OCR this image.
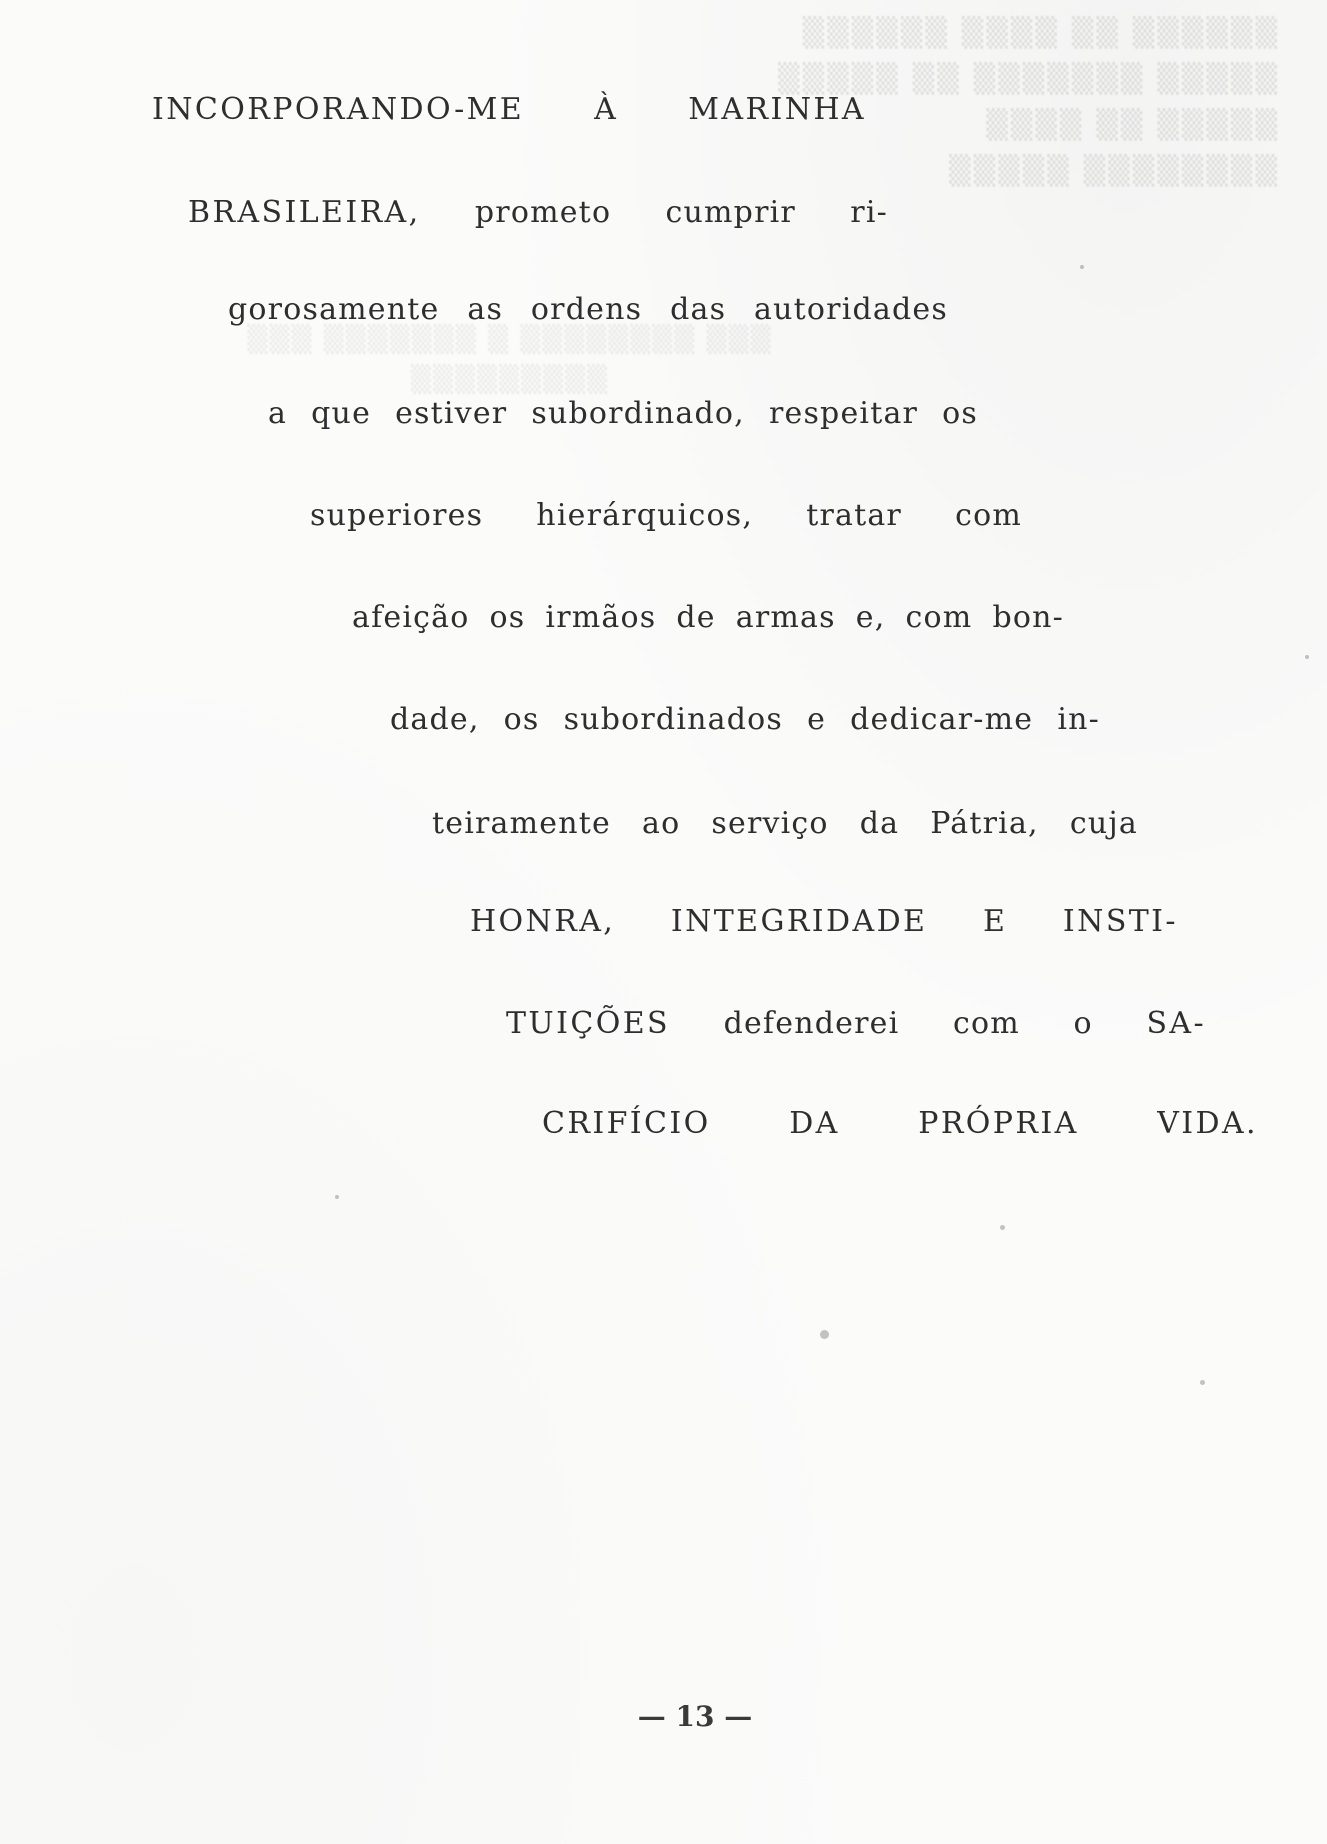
▒▒▒▒▒▒ ▒▒▒▒ ▒▒ ▒▒▒▒▒▒
▒▒▒▒▒ ▒▒ ▒▒▒▒▒▒▒ ▒▒▒▒▒
▒▒▒▒ ▒▒ ▒▒▒▒▒
▒▒▒▒▒ ▒▒▒▒▒▒▒▒
▒▒▒ ▒▒▒▒▒▒▒ ▒ ▒▒▒▒▒▒▒▒ ▒▒▒
▒▒▒▒▒▒▒▒▒
INCORPORANDO-ME À MARINHA
BRASILEIRA, prometo cumprir ri-
gorosamente as ordens das autoridades
a que estiver subordinado, respeitar os
superiores hierárquicos, tratar com
afeição os irmãos de armas e, com bon-
dade, os subordinados e dedicar-me in-
teiramente ao serviço da Pátria, cuja
HONRA, INTEGRIDADE E INSTI-
TUIÇÕES defenderei com o SA-
CRIFÍCIO	DA	PRÓPRIA	VIDA.
— 13 —
